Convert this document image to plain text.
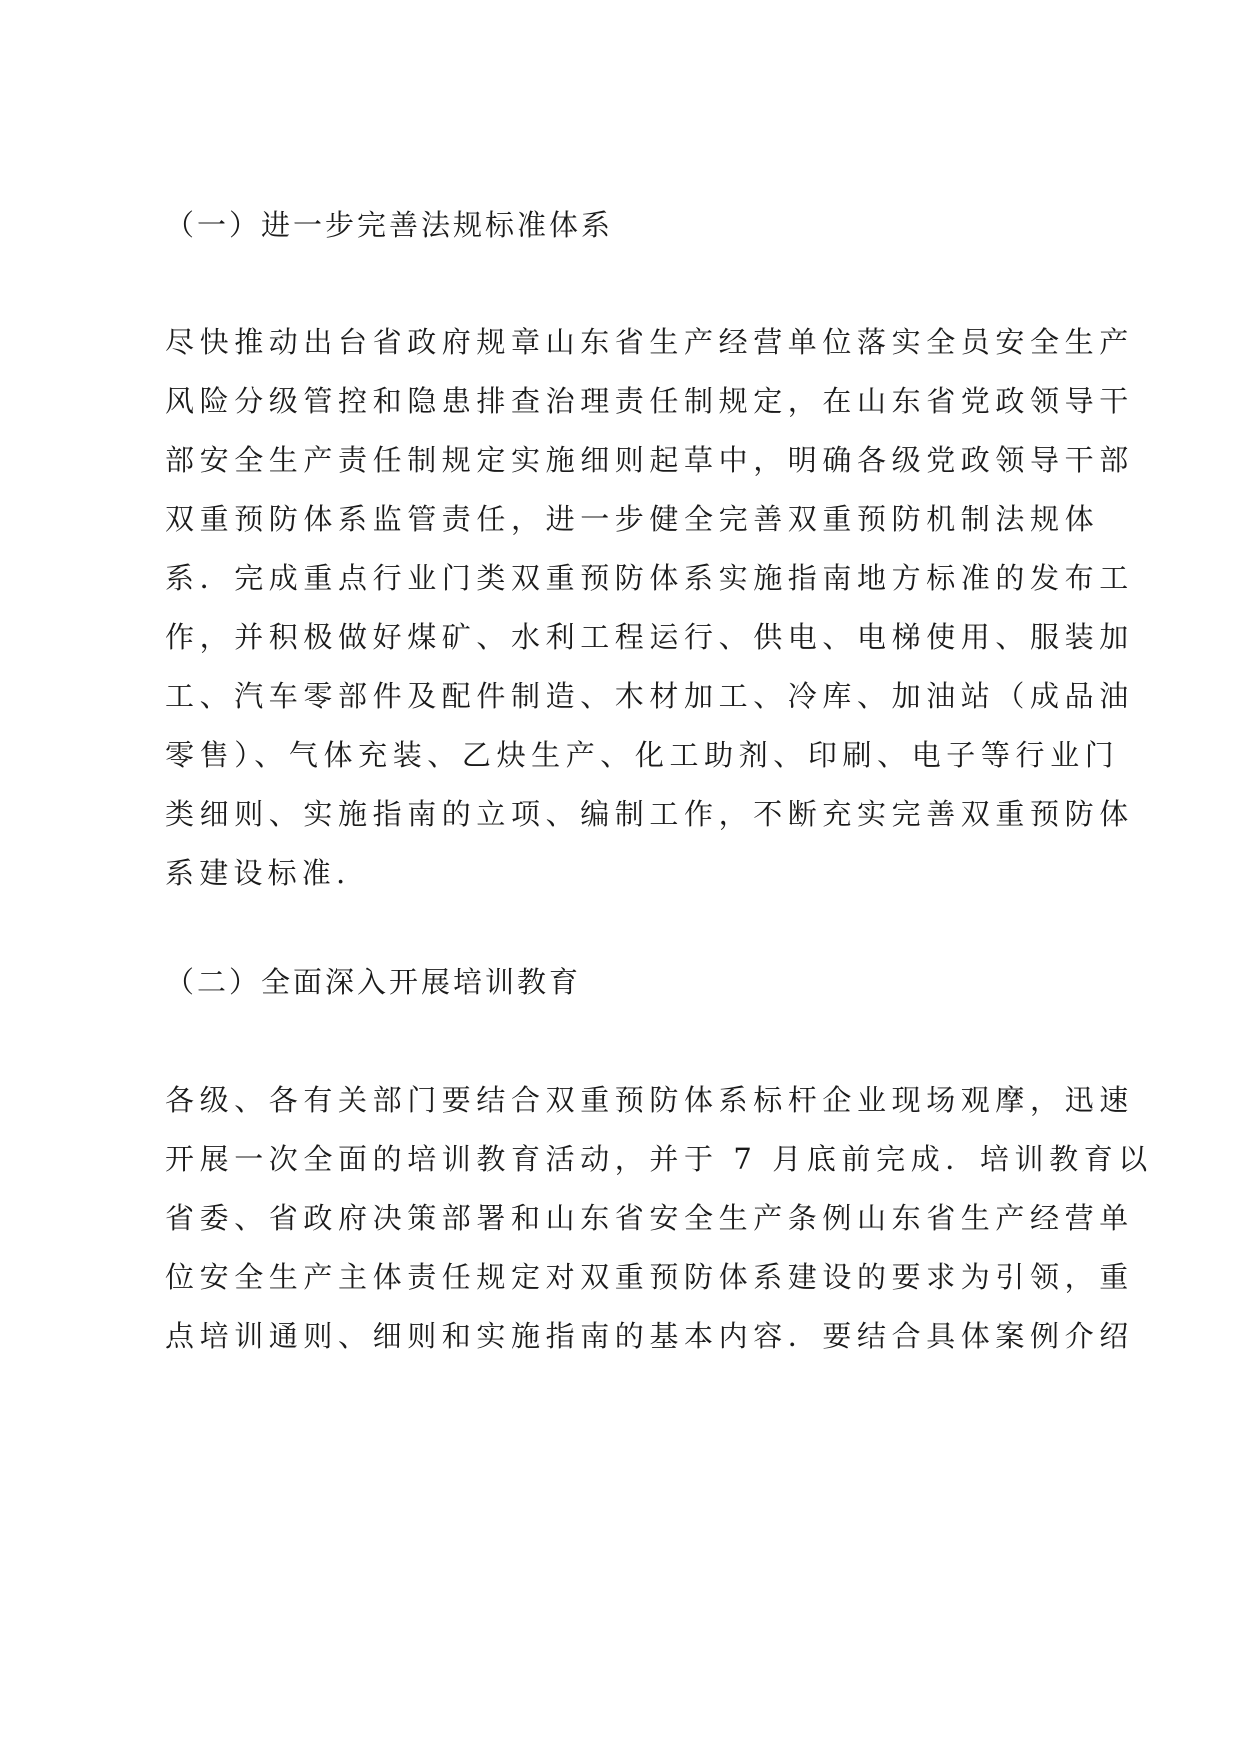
（一）进一步完善法规标准体系
尽快推动出台省政府规章山东省生产经营单位落实全员安全生产
风险分级管控和隐患排查治理责任制规定，在山东省党政领导干
部安全生产责任制规定实施细则起草中，明确各级党政领导干部
双重预防体系监管责任，进一步健全完善双重预防机制法规体
系．完成重点行业门类双重预防体系实施指南地方标准的发布工
作，并积极做好煤矿、水利工程运行、供电、电梯使用、服装加
工、汽车零部件及配件制造、木材加工、冷库、加油站（成品油
零售）、气体充装、乙炔生产、化工助剂、印刷、电子等行业门
类细则、实施指南的立项、编制工作，不断充实完善双重预防体
系建设标准.
（二）全面深入开展培训教育
各级、各有关部门要结合双重预防体系标杆企业现场观摩，迅速
开展一次全面的培训教育活动，并于 7 月底前完成．培训教育以
省委、省政府决策部署和山东省安全生产条例山东省生产经营单
位安全生产主体责任规定对双重预防体系建设的要求为引领，重
点培训通则、细则和实施指南的基本内容．要结合具体案例介绍
